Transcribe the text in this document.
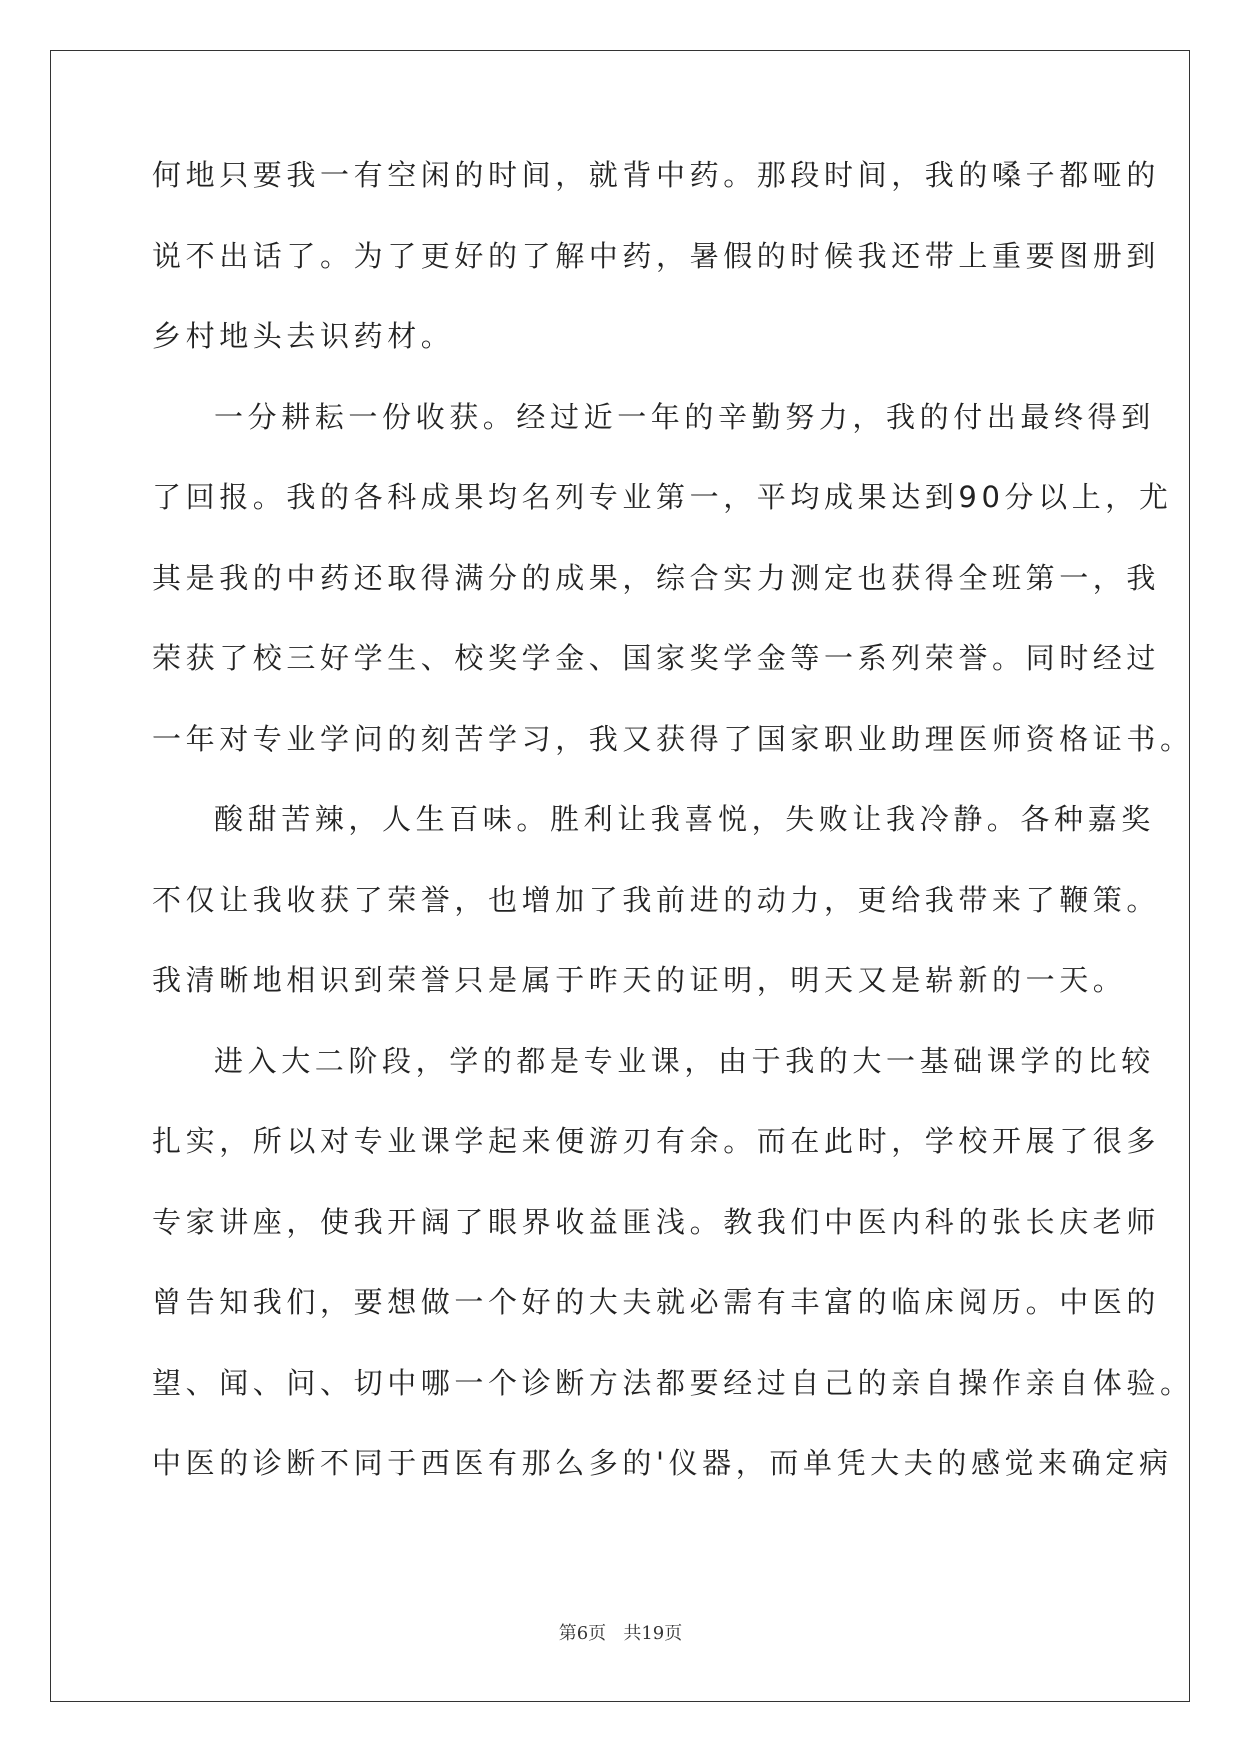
何地只要我一有空闲的时间，就背中药。那段时间，我的嗓子都哑的
说不出话了。为了更好的了解中药，暑假的时候我还带上重要图册到
乡村地头去识药材。
一分耕耘一份收获。经过近一年的辛勤努力，我的付出最终得到
了回报。我的各科成果均名列专业第一，平均成果达到90分以上，尤
其是我的中药还取得满分的成果，综合实力测定也获得全班第一，我
荣获了校三好学生、校奖学金、国家奖学金等一系列荣誉。同时经过
一年对专业学问的刻苦学习，我又获得了国家职业助理医师资格证书。
酸甜苦辣，人生百味。胜利让我喜悦，失败让我冷静。各种嘉奖
不仅让我收获了荣誉，也增加了我前进的动力，更给我带来了鞭策。
我清晰地相识到荣誉只是属于昨天的证明，明天又是崭新的一天。
进入大二阶段，学的都是专业课，由于我的大一基础课学的比较
扎实，所以对专业课学起来便游刃有余。而在此时，学校开展了很多
专家讲座，使我开阔了眼界收益匪浅。教我们中医内科的张长庆老师
曾告知我们，要想做一个好的大夫就必需有丰富的临床阅历。中医的
望、闻、问、切中哪一个诊断方法都要经过自己的亲自操作亲自体验。
中医的诊断不同于西医有那么多的'仪器，而单凭大夫的感觉来确定病
第6页   共19页
